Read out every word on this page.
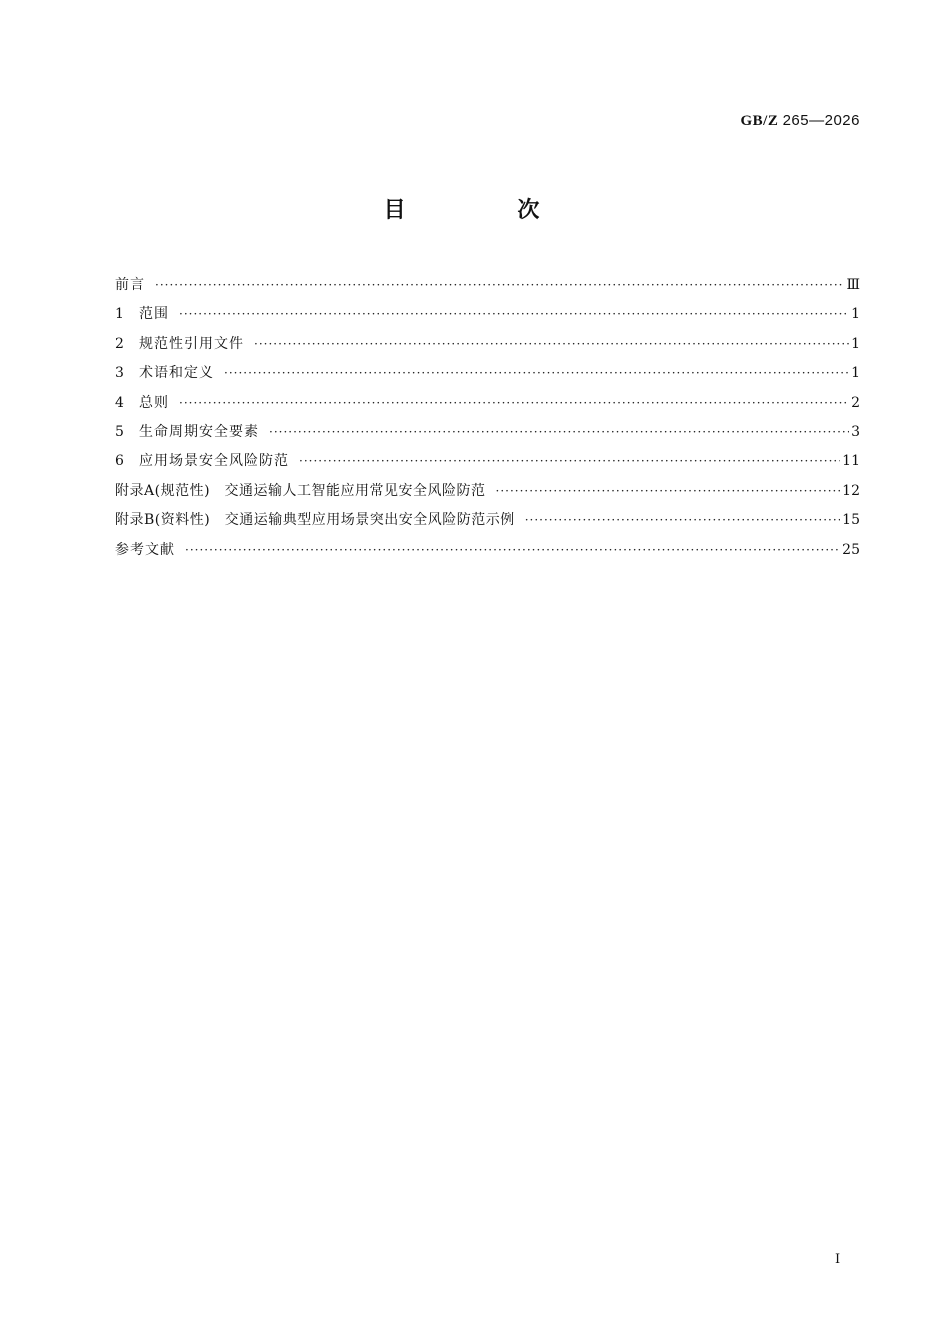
GB/Z 265—2026
目 次
前言 ·····	Ⅲ
1	范围 ·····	1
2	规范性引用文件 ·····	1
3	术语和定义 ·····	1
4	总则 ·····	2
5	生命周期安全要素 ·····	3
6	应用场景安全风险防范 ·····	11
附录A(规范性)　交通运输人工智能应用常见安全风险防范 ·····	12
附录B(资料性)　交通运输典型应用场景突出安全风险防范示例 ·····	15
参考文献 ·····	25
Ⅰ
